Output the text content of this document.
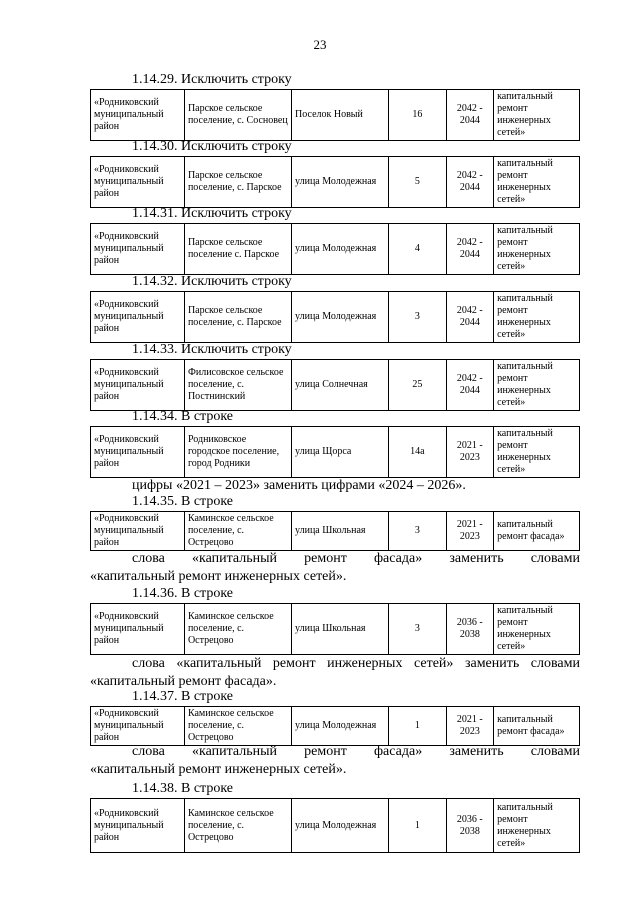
23
1.14.29. Исключить строку
«Родниковский муниципальный район	Парское сельское поселение, с. Сосновец	Поселок Новый	16	2042 - 2044	капитальный ремонт инженерных сетей»
1.14.30. Исключить строку
«Родниковский муниципальный район	Парское сельское поселение, с. Парское	улица Молодежная	5	2042 - 2044	капитальный ремонт инженерных сетей»
1.14.31. Исключить строку
«Родниковский муниципальный район	Парское сельское поселение с. Парское	улица Молодежная	4	2042 - 2044	капитальный ремонт инженерных сетей»
1.14.32. Исключить строку
«Родниковский муниципальный район	Парское сельское поселение, с. Парское	улица Молодежная	3	2042 - 2044	капитальный ремонт инженерных сетей»
1.14.33. Исключить строку
«Родниковский муниципальный район	Филисовское сельское поселение, с. Постнинский	улица Солнечная	25	2042 - 2044	капитальный ремонт инженерных сетей»
1.14.34. В строке
«Родниковский муниципальный район	Родниковское городское поселение, город Родники	улица Щорса	14а	2021 - 2023	капитальный ремонт инженерных сетей»
цифры «2021 – 2023» заменить цифрами «2024 – 2026».
1.14.35. В строке
«Родниковский муниципальный район	Каминское сельское поселение, с. Острецово	улица Школьная	3	2021 - 2023	капитальный ремонт фасада»
слова «капитальный ремонт фасада» заменить словами
«капитальный ремонт инженерных сетей».
1.14.36. В строке
«Родниковский муниципальный район	Каминское сельское поселение, с. Острецово	улица Школьная	3	2036 - 2038	капитальный ремонт инженерных сетей»
слова «капитальный ремонт инженерных сетей» заменить словами
«капитальный ремонт фасада».
1.14.37. В строке
«Родниковский муниципальный район	Каминское сельское поселение, с. Острецово	улица Молодежная	1	2021 - 2023	капитальный ремонт фасада»
слова «капитальный ремонт фасада» заменить словами
«капитальный ремонт инженерных сетей».
1.14.38. В строке
«Родниковский муниципальный район	Каминское сельское поселение, с. Острецово	улица Молодежная	1	2036 - 2038	капитальный ремонт инженерных сетей»
